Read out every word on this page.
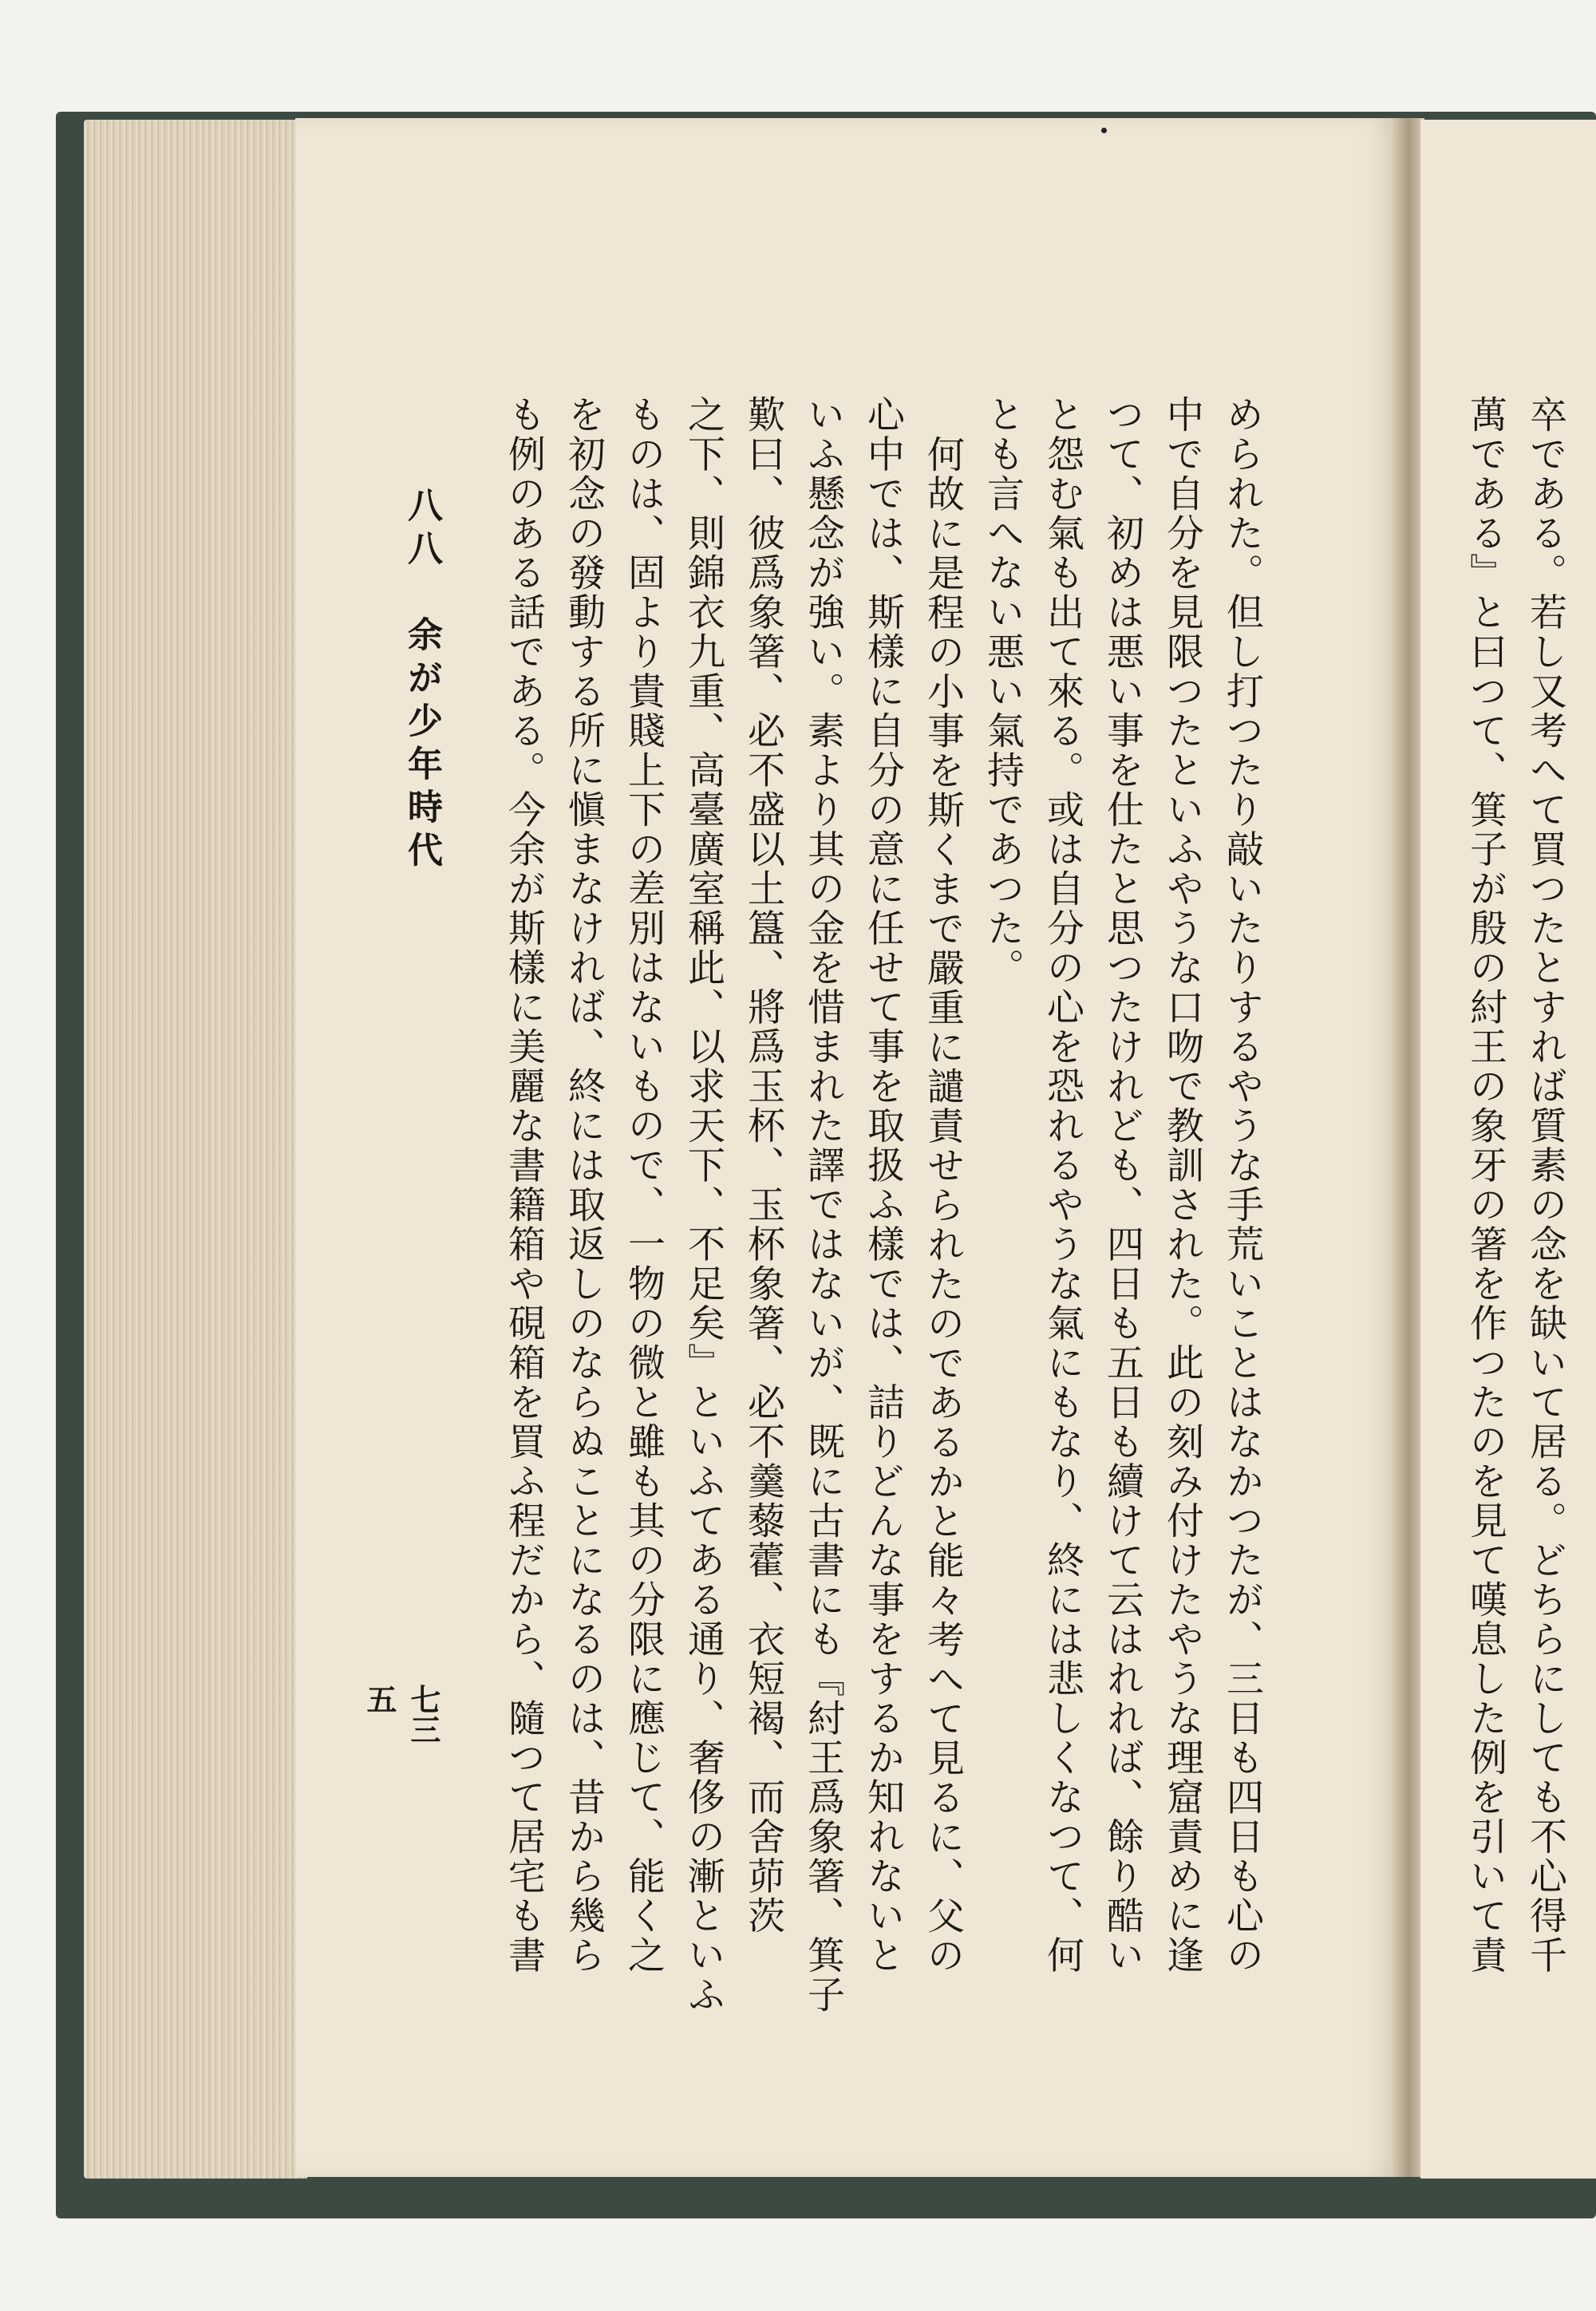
められた。但し打つたり敲いたりするやうな手荒いことはなかつたが、三日も四日も心の
中で自分を見限つたといふやうな口吻で教訓された。此の刻み付けたやうな理窟責めに逢
つて、初めは悪い事を仕たと思つたけれども、四日も五日も續けて云はれれば、餘り酷い
と怨む氣も出て來る。或は自分の心を恐れるやうな氣にもなり、終には悲しくなつて、何
とも言へない悪い氣持であつた。
何故に是程の小事を斯くまで嚴重に譴責せられたのであるかと能々考へて見るに、父の
心中では、斯樣に自分の意に任せて事を取扱ふ樣では、詰りどんな事をするか知れないと
いふ懸念が強い。素より其の金を惜まれた譯ではないが、既に古書にも『紂王爲象箸、箕子
歎曰、彼爲象箸、必不盛以土簋、將爲玉杯、玉杯象箸、必不羹藜藿、衣短褐、而舍茆茨
之下、則錦衣九重、高臺廣室稱此、以求天下、不足矣』といふてある通り、奢侈の漸といふ
ものは、固より貴賤上下の差別はないもので、一物の微と雖も其の分限に應じて、能く之
を初念の發動する所に愼まなければ、終には取返しのならぬことになるのは、昔から幾ら
も例のある話である。今余が斯樣に美麗な書籍箱や硯箱を買ふ程だから、隨つて居宅も書
八八　余が少年時代
七三五	卒である。若し又考へて買つたとすれば質素の念を缺いて居る。どちらにしても不心得千
萬である』と曰つて、箕子が殷の紂王の象牙の箸を作つたのを見て嘆息した例を引いて責
